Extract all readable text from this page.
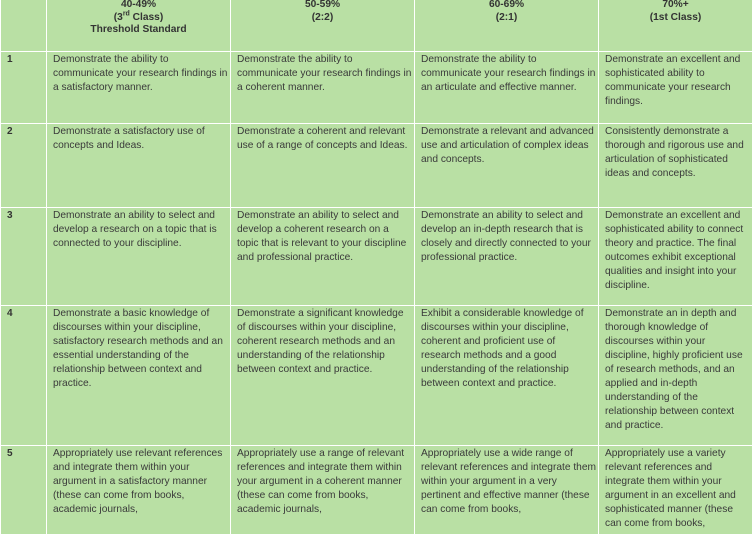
	40-49%
(3rd Class)
Threshold Standard	50-59%
(2:2)	60-69%
(2:1)	70%+
(1st Class)

1	Demonstrate the ability to communicate your research findings in a satisfactory manner.	Demonstrate the ability to communicate your research findings in a coherent manner.	Demonstrate the ability to communicate your research findings in an articulate and effective manner.	Demonstrate an excellent and sophisticated ability to communicate your research findings.
2	Demonstrate a satisfactory use of concepts and Ideas.	Demonstrate a coherent and relevant use of a range of concepts and Ideas.	Demonstrate a relevant and advanced use and articulation of complex ideas and concepts.	Consistently demonstrate a thorough and rigorous use and articulation of sophisticated ideas and concepts.
3	Demonstrate an ability to select and develop a research on a topic that is connected to your discipline.	Demonstrate an ability to select and develop a coherent research on a topic that is relevant to your discipline and professional practice.	Demonstrate an ability to select and develop an in-depth research that is closely and directly connected to your professional practice.	Demonstrate an excellent and sophisticated ability to connect theory and practice. The final outcomes exhibit exceptional qualities and insight into your discipline.
4	Demonstrate a basic knowledge of discourses within your discipline, satisfactory research methods and an essential understanding of the relationship between context and practice.	Demonstrate a significant knowledge of discourses within your discipline, coherent research methods and an understanding of the relationship between context and practice.	Exhibit a considerable knowledge of discourses within your discipline, coherent and proficient use of research methods and a good understanding of the relationship between context and practice.	Demonstrate an in depth and thorough knowledge of discourses within your discipline, highly proficient use of research methods, and an applied and in-depth understanding of the relationship between context and practice.
5	Appropriately use relevant references and integrate them within your argument in a satisfactory manner (these can come from books, academic journals,	Appropriately use a range of relevant references and integrate them within your argument in a coherent manner (these can come from books, academic journals,	Appropriately use a wide range of relevant references and integrate them within your argument in a very pertinent and effective manner (these can come from books,	Appropriately use a variety relevant references and integrate them within your argument in an excellent and sophisticated manner (these can come from books,
